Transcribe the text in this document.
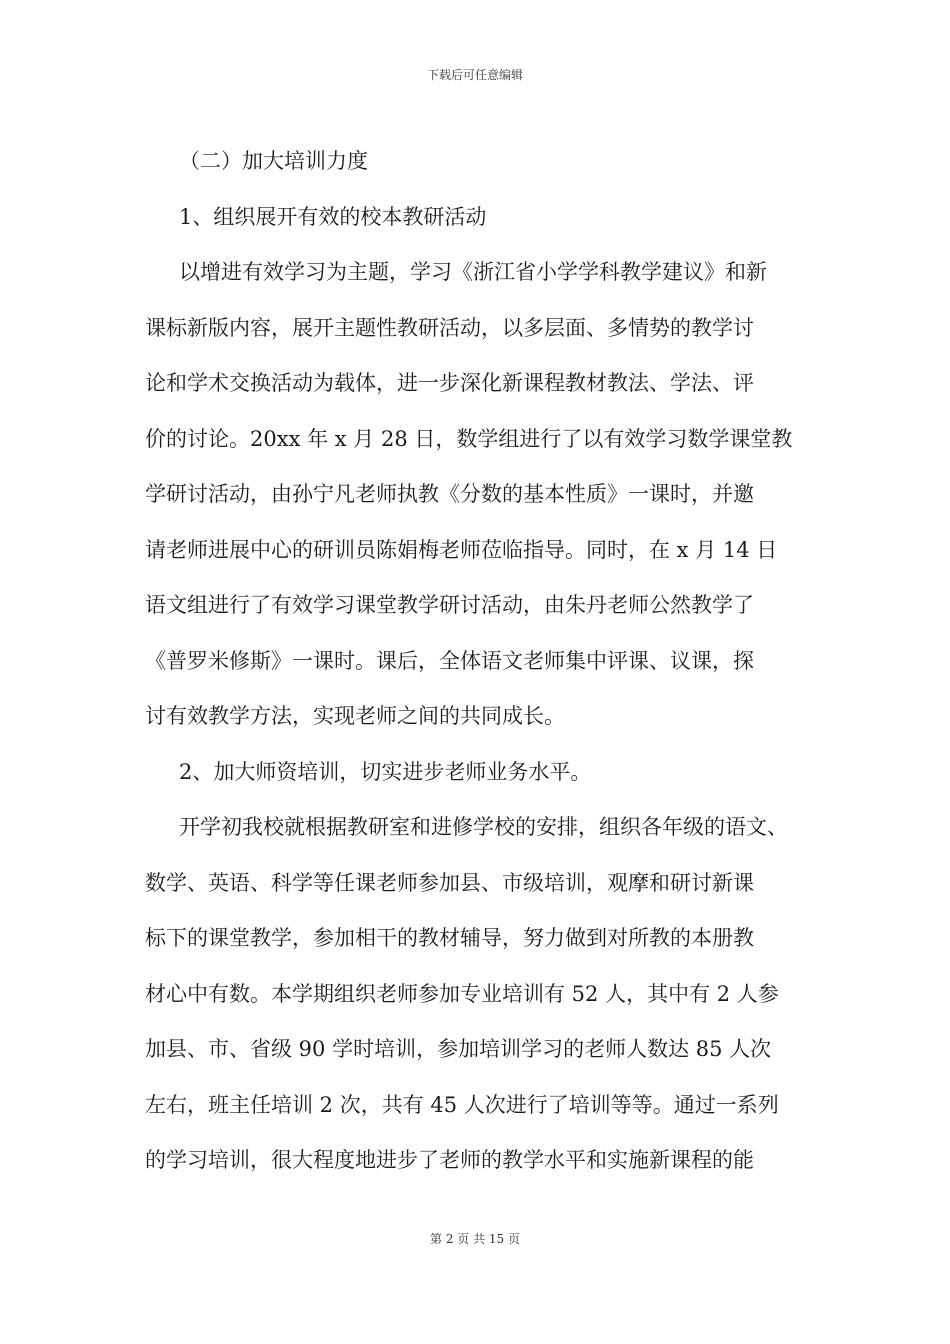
下载后可任意编辑

（二）加大培训力度

1、组织展开有效的校本教研活动

以增进有效学习为主题，学习《浙江省小学学科教学建议》和新

课标新版内容，展开主题性教研活动，以多层面、多情势的教学讨

论和学术交换活动为载体，进一步深化新课程教材教法、学法、评

价的讨论。20xx 年 x 月 28 日，数学组进行了以有效学习数学课堂教

学研讨活动，由孙宁凡老师执教《分数的基本性质》一课时，并邀

请老师进展中心的研训员陈娟梅老师莅临指导。同时，在 x 月 14 日

语文组进行了有效学习课堂教学研讨活动，由朱丹老师公然教学了

《普罗米修斯》一课时。课后，全体语文老师集中评课、议课，探

讨有效教学方法，实现老师之间的共同成长。

2、加大师资培训，切实进步老师业务水平。

开学初我校就根据教研室和进修学校的安排，组织各年级的语文、

数学、英语、科学等任课老师参加县、市级培训，观摩和研讨新课

标下的课堂教学，参加相干的教材辅导，努力做到对所教的本册教

材心中有数。本学期组织老师参加专业培训有 52 人，其中有 2 人参

加县、市、省级 90 学时培训，参加培训学习的老师人数达 85 人次

左右，班主任培训 2 次，共有 45 人次进行了培训等等。通过一系列

的学习培训，很大程度地进步了老师的教学水平和实施新课程的能

第 2 页 共 15 页
